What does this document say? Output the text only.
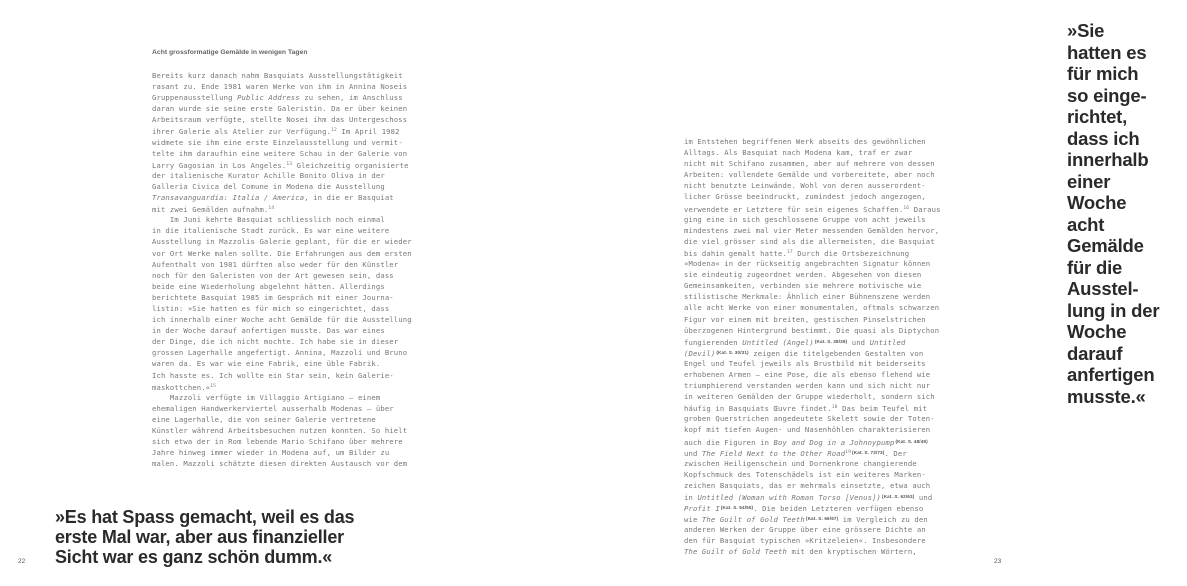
Acht grossformatige Gemälde in wenigen Tagen
Bereits kurz danach nahm Basquiats Ausstellungstätigkeit
rasant zu. Ende 1981 waren Werke von ihm in Annina Noseis
Gruppenausstellung Public Address zu sehen, im Anschluss
daran wurde sie seine erste Galeristin. Da er über keinen
Arbeitsraum verfügte, stellte Nosei ihm das Untergeschoss
ihrer Galerie als Atelier zur Verfügung.$^{12}$ Im April 1982
widmete sie ihm eine erste Einzelausstellung und vermit-
telte ihm daraufhin eine weitere Schau in der Galerie von
Larry Gagosian in Los Angeles.$^{13}$ Gleichzeitig organisierte
der italienische Kurator Achille Bonito Oliva in der
Galleria Civica del Comune in Modena die Ausstellung
Transavanguardia: Italia / America, in die er Basquiat
mit zwei Gemälden aufnahm.$^{14}$
Im Juni kehrte Basquiat schliesslich noch einmal
in die italienische Stadt zurück. Es war eine weitere
Ausstellung in Mazzolis Galerie geplant, für die er wieder
vor Ort Werke malen sollte. Die Erfahrungen aus dem ersten
Aufenthalt von 1981 dürften also weder für den Künstler
noch für den Galeristen von der Art gewesen sein, dass
beide eine Wiederholung abgelehnt hätten. Allerdings
berichtete Basquiat 1985 im Gespräch mit einer Journa-
listin: »Sie hatten es für mich so eingerichtet, dass
ich innerhalb einer Woche acht Gemälde für die Ausstellung
in der Woche darauf anfertigen musste. Das war eines
der Dinge, die ich nicht mochte. Ich habe sie in dieser
grossen Lagerhalle angefertigt. Annina, Mazzoli und Bruno
waren da. Es war wie eine Fabrik, eine üble Fabrik.
Ich hasste es. Ich wollte ein Star sein, kein Galerie-
maskottchen.«$^{15}$
Mazzoli verfügte im Villaggio Artigiano – einem
ehemaligen Handwerkerviertel ausserhalb Modenas – über
eine Lagerhalle, die von seiner Galerie vertretene
Künstler während Arbeitsbesuchen nutzen konnten. So hielt
sich etwa der in Rom lebende Mario Schifano über mehrere
Jahre hinweg immer wieder in Modena auf, um Bilder zu
malen. Mazzoli schätzte diesen direkten Austausch vor dem
»Es hat Spass gemacht, weil es das
erste Mal war, aber aus finanzieller
Sicht war es ganz schön dumm.«
22
»Sie
hatten es
für mich
so einge-
richtet,
dass ich
innerhalb
einer
Woche
acht
Gemälde
für die
Ausstel-
lung in der
Woche
darauf
anfertigen
musste.«
im Entstehen begriffenen Werk abseits des gewöhnlichen
Alltags. Als Basquiat nach Modena kam, traf er zwar
nicht mit Schifano zusammen, aber auf mehrere von dessen
Arbeiten: vollendete Gemälde und vorbereitete, aber noch
nicht benutzte Leinwände. Wohl von deren ausserordent-
licher Grösse beeindruckt, zumindest jedoch angezogen,
verwendete er Letztere für sein eigenes Schaffen.$^{16}$ Daraus
ging eine in sich geschlossene Gruppe von acht jeweils
mindestens zwei mal vier Meter messenden Gemälden hervor,
die viel grösser sind als die allermeisten, die Basquiat
bis dahin gemalt hatte.$^{17}$ Durch die Ortsbezeichnung
»Modena« in der rückseitig angebrachten Signatur können
sie eindeutig zugeordnet werden. Abgesehen von diesen
Gemeinsamkeiten, verbinden sie mehrere motivische wie
stilistische Merkmale: Ähnlich einer Bühnenszene werden
alle acht Werke von einer monumentalen, oftmals schwarzen
Figur vor einem mit breiten, gestischen Pinselstrichen
überzogenen Hintergrund bestimmt. Die quasi als Diptychon
fungierenden Untitled (Angel)$^{(Kat. S. 38/39)}$ und Untitled
(Devil)$^{(Kat. S. 30/31)}$ zeigen die titelgebenden Gestalten von
Engel und Teufel jeweils als Brustbild mit beiderseits
erhobenen Armen – eine Pose, die als ebenso flehend wie
triumphierend verstanden werden kann und sich nicht nur
in weiteren Gemälden der Gruppe wiederholt, sondern sich
häufig in Basquiats Œuvre findet.$^{18}$ Das beim Teufel mit
groben Querstrichen angedeutete Skelett sowie der Toten-
kopf mit tiefen Augen- und Nasenhöhlen charakterisieren
auch die Figuren in Boy and Dog in a Johnnypump$^{(Kat. S. 48/49)}$
und The Field Next to the Other Road$^{19(Kat. S. 72/73)}$. Der
zwischen Heiligenschein und Dornenkrone changierende
Kopfschmuck des Totenschädels ist ein weiteres Marken-
zeichen Basquiats, das er mehrmals einsetzte, etwa auch
in Untitled (Woman with Roman Torso [Venus])$^{(Kat. S. 62/63)}$ und
Profit $I^{(Kat. S. 54/55)}$. Die beiden Letzteren verfügen ebenso
wie The Guilt of Gold Teeth$^{(Kat. S. 66/67)}$ im Vergleich zu den
anderen Werken der Gruppe über eine grössere Dichte an
den für Basquiat typischen »Kritzeleien«. Insbesondere
The Guilt of Gold Teeth mit den kryptischen Wörtern,
23
